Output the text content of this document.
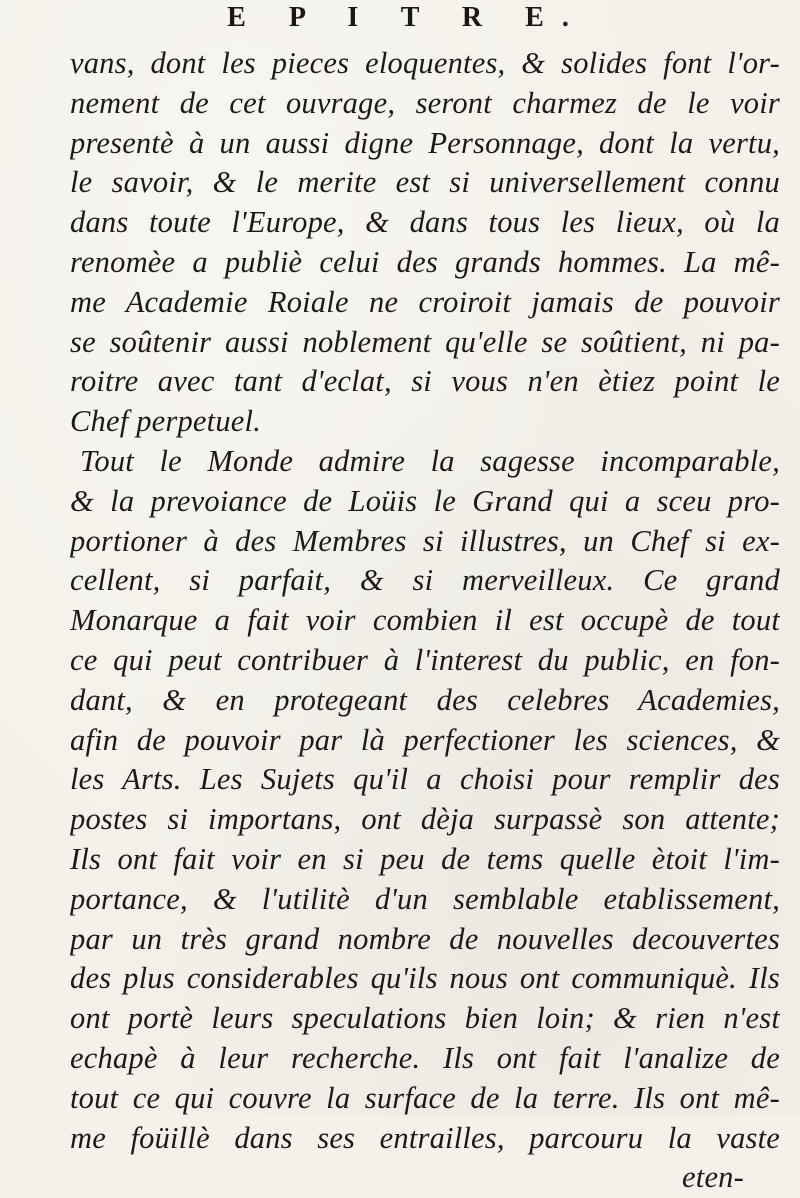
E P I T R E.
vans, dont les pieces eloquentes, & solides font l'or-
nement de cet ouvrage, seront charmez de le voir
presentè à un aussi digne Personnage, dont la vertu,
le savoir, & le merite est si universellement connu
dans toute l'Europe, & dans tous les lieux, où la
renomèe a publiè celui des grands hommes. La mê-
me Academie Roiale ne croiroit jamais de pouvoir
se soûtenir aussi noblement qu'elle se soûtient, ni pa-
roitre avec tant d'eclat, si vous n'en ètiez point le
Chef perpetuel.
Tout le Monde admire la sagesse incomparable,
& la prevoiance de Loüis le Grand qui a sceu pro-
portioner à des Membres si illustres, un Chef si ex-
cellent, si parfait, & si merveilleux. Ce grand
Monarque a fait voir combien il est occupè de tout
ce qui peut contribuer à l'interest du public, en fon-
dant, & en protegeant des celebres Academies,
afin de pouvoir par là perfectioner les sciences, &
les Arts. Les Sujets qu'il a choisi pour remplir des
postes si importans, ont dèja surpassè son attente;
Ils ont fait voir en si peu de tems quelle ètoit l'im-
portance, & l'utilitè d'un semblable etablissement,
par un très grand nombre de nouvelles decouvertes
des plus considerables qu'ils nous ont communiquè. Ils
ont portè leurs speculations bien loin; & rien n'est
echapè à leur recherche. Ils ont fait l'analize de
tout ce qui couvre la surface de la terre. Ils ont mê-
me foüillè dans ses entrailles, parcouru la vaste
eten-
